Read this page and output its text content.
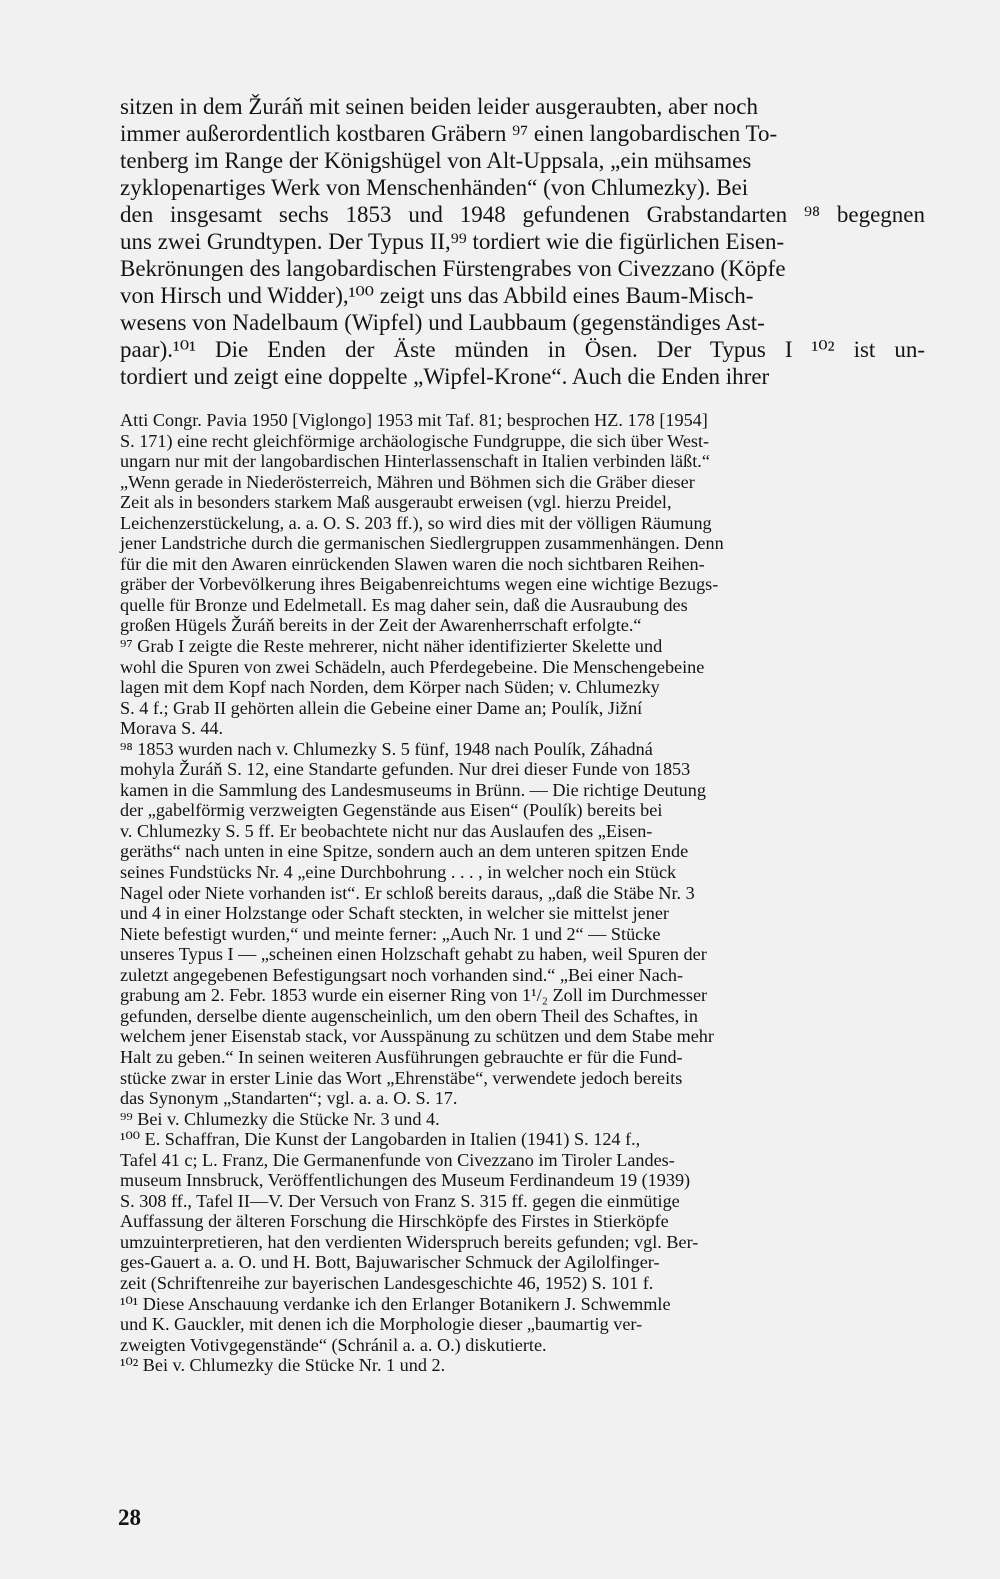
sitzen in dem Žuráň mit seinen beiden leider ausgeraubten, aber noch
immer außerordentlich kostbaren Gräbern ⁹⁷ einen langobardischen To-
tenberg im Range der Königshügel von Alt-Uppsala, „ein mühsames
zyklopenartiges Werk von Menschenhänden“ (von Chlumezky). Bei
den insgesamt sechs 1853 und 1948 gefundenen Grabstandarten ⁹⁸ begegnen
uns zwei Grundtypen. Der Typus II,⁹⁹ tordiert wie die figürlichen Eisen-
Bekrönungen des langobardischen Fürstengrabes von Civezzano (Köpfe
von Hirsch und Widder),¹⁰⁰ zeigt uns das Abbild eines Baum-Misch-
wesens von Nadelbaum (Wipfel) und Laubbaum (gegenständiges Ast-
paar).¹⁰¹ Die Enden der Äste münden in Ösen. Der Typus I ¹⁰² ist un-
tordiert und zeigt eine doppelte „Wipfel-Krone“. Auch die Enden ihrer
Atti Congr. Pavia 1950 [Viglongo] 1953 mit Taf. 81; besprochen HZ. 178 [1954]
S. 171) eine recht gleichförmige archäologische Fundgruppe, die sich über West-
ungarn nur mit der langobardischen Hinterlassenschaft in Italien verbinden läßt.“
„Wenn gerade in Niederösterreich, Mähren und Böhmen sich die Gräber dieser
Zeit als in besonders starkem Maß ausgeraubt erweisen (vgl. hierzu Preidel,
Leichenzerstückelung, a. a. O. S. 203 ff.), so wird dies mit der völligen Räumung
jener Landstriche durch die germanischen Siedlergruppen zusammenhängen. Denn
für die mit den Awaren einrückenden Slawen waren die noch sichtbaren Reihen-
gräber der Vorbevölkerung ihres Beigabenreichtums wegen eine wichtige Bezugs-
quelle für Bronze und Edelmetall. Es mag daher sein, daß die Ausraubung des
großen Hügels Žuráň bereits in der Zeit der Awarenherrschaft erfolgte.“
⁹⁷ Grab I zeigte die Reste mehrerer, nicht näher identifizierter Skelette und
wohl die Spuren von zwei Schädeln, auch Pferdegebeine. Die Menschengebeine
lagen mit dem Kopf nach Norden, dem Körper nach Süden; v. Chlumezky
S. 4 f.; Grab II gehörten allein die Gebeine einer Dame an; Poulík, Jižní
Morava S. 44.
⁹⁸ 1853 wurden nach v. Chlumezky S. 5 fünf, 1948 nach Poulík, Záhadná
mohyla Žuráň S. 12, eine Standarte gefunden. Nur drei dieser Funde von 1853
kamen in die Sammlung des Landesmuseums in Brünn. — Die richtige Deutung
der „gabelförmig verzweigten Gegenstände aus Eisen“ (Poulík) bereits bei
v. Chlumezky S. 5 ff. Er beobachtete nicht nur das Auslaufen des „Eisen-
geräths“ nach unten in eine Spitze, sondern auch an dem unteren spitzen Ende
seines Fundstücks Nr. 4 „eine Durchbohrung . . . , in welcher noch ein Stück
Nagel oder Niete vorhanden ist“. Er schloß bereits daraus, „daß die Stäbe Nr. 3
und 4 in einer Holzstange oder Schaft steckten, in welcher sie mittelst jener
Niete befestigt wurden,“ und meinte ferner: „Auch Nr. 1 und 2“ — Stücke
unseres Typus I — „scheinen einen Holzschaft gehabt zu haben, weil Spuren der
zuletzt angegebenen Befestigungsart noch vorhanden sind.“ „Bei einer Nach-
grabung am 2. Febr. 1853 wurde ein eiserner Ring von 1¹/₂ Zoll im Durchmesser
gefunden, derselbe diente augenscheinlich, um den obern Theil des Schaftes, in
welchem jener Eisenstab stack, vor Ausspänung zu schützen und dem Stabe mehr
Halt zu geben.“ In seinen weiteren Ausführungen gebrauchte er für die Fund-
stücke zwar in erster Linie das Wort „Ehrenstäbe“, verwendete jedoch bereits
das Synonym „Standarten“; vgl. a. a. O. S. 17.
⁹⁹ Bei v. Chlumezky die Stücke Nr. 3 und 4.
¹⁰⁰ E. Schaffran, Die Kunst der Langobarden in Italien (1941) S. 124 f.,
Tafel 41 c; L. Franz, Die Germanenfunde von Civezzano im Tiroler Landes-
museum Innsbruck, Veröffentlichungen des Museum Ferdinandeum 19 (1939)
S. 308 ff., Tafel II—V. Der Versuch von Franz S. 315 ff. gegen die einmütige
Auffassung der älteren Forschung die Hirschköpfe des Firstes in Stierköpfe
umzuinterpretieren, hat den verdienten Widerspruch bereits gefunden; vgl. Ber-
ges-Gauert a. a. O. und H. Bott, Bajuwarischer Schmuck der Agilolfinger-
zeit (Schriftenreihe zur bayerischen Landesgeschichte 46, 1952) S. 101 f.
¹⁰¹ Diese Anschauung verdanke ich den Erlanger Botanikern J. Schwemmle
und K. Gauckler, mit denen ich die Morphologie dieser „baumartig ver-
zweigten Votivgegenstände“ (Schránil a. a. O.) diskutierte.
¹⁰² Bei v. Chlumezky die Stücke Nr. 1 und 2.
28
